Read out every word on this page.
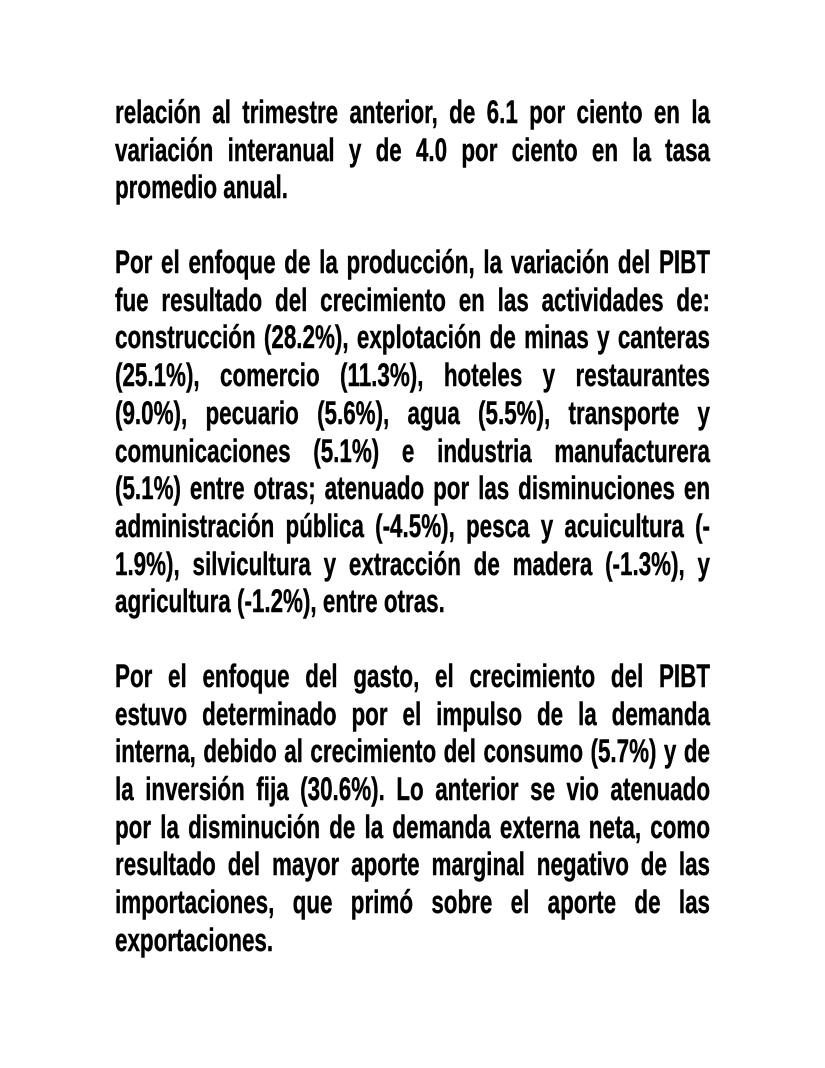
relación al trimestre anterior, de 6.1 por ciento en la
variación interanual y de 4.0 por ciento en la tasa
promedio anual.
Por el enfoque de la producción, la variación del PIBT
fue resultado del crecimiento en las actividades de:
construcción (28.2%), explotación de minas y canteras
(25.1%), comercio (11.3%), hoteles y restaurantes
(9.0%), pecuario (5.6%), agua (5.5%), transporte y
comunicaciones (5.1%) e industria manufacturera
(5.1%) entre otras; atenuado por las disminuciones en
administración pública (-4.5%), pesca y acuicultura (-
1.9%), silvicultura y extracción de madera (-1.3%), y
agricultura (-1.2%), entre otras.
Por el enfoque del gasto, el crecimiento del PIBT
estuvo determinado por el impulso de la demanda
interna, debido al crecimiento del consumo (5.7%) y de
la inversión fija (30.6%). Lo anterior se vio atenuado
por la disminución de la demanda externa neta, como
resultado del mayor aporte marginal negativo de las
importaciones, que primó sobre el aporte de las
exportaciones.
